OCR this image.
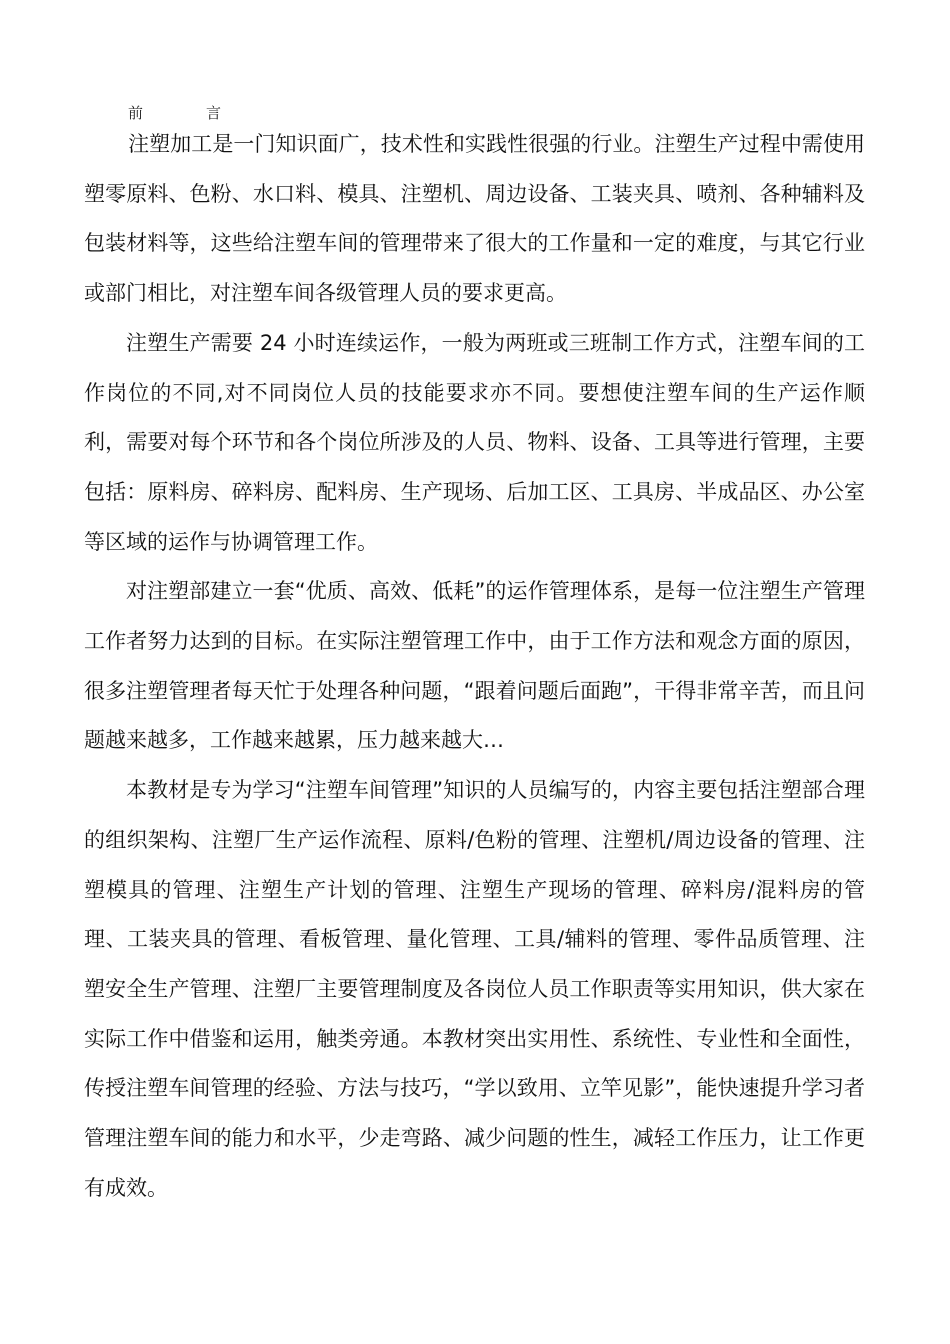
前　言

注塑加工是一门知识面广，技术性和实践性很强的行业。注塑生产过程中需使用塑零原料、色粉、水口料、模具、注塑机、周边设备、工装夹具、喷剂、各种辅料及包装材料等，这些给注塑车间的管理带来了很大的工作量和一定的难度，与其它行业或部门相比，对注塑车间各级管理人员的要求更高。

注塑生产需要 24 小时连续运作，一般为两班或三班制工作方式，注塑车间的工作岗位的不同,对不同岗位人员的技能要求亦不同。要想使注塑车间的生产运作顺利，需要对每个环节和各个岗位所涉及的人员、物料、设备、工具等进行管理，主要包括：原料房、碎料房、配料房、生产现场、后加工区、工具房、半成品区、办公室等区域的运作与协调管理工作。

对注塑部建立一套“优质、高效、低耗”的运作管理体系，是每一位注塑生产管理工作者努力达到的目标。在实际注塑管理工作中，由于工作方法和观念方面的原因，很多注塑管理者每天忙于处理各种问题，“跟着问题后面跑”，干得非常辛苦，而且问题越来越多，工作越来越累，压力越来越大…

本教材是专为学习“注塑车间管理”知识的人员编写的，内容主要包括注塑部合理的组织架构、注塑厂生产运作流程、原料/色粉的管理、注塑机/周边设备的管理、注塑模具的管理、注塑生产计划的管理、注塑生产现场的管理、碎料房/混料房的管理、工装夹具的管理、看板管理、量化管理、工具/辅料的管理、零件品质管理、注塑安全生产管理、注塑厂主要管理制度及各岗位人员工作职责等实用知识，供大家在实际工作中借鉴和运用，触类旁通。本教材突出实用性、系统性、专业性和全面性，传授注塑车间管理的经验、方法与技巧，“学以致用、立竿见影”，能快速提升学习者管理注塑车间的能力和水平，少走弯路、减少问题的性生，减轻工作压力，让工作更有成效。
